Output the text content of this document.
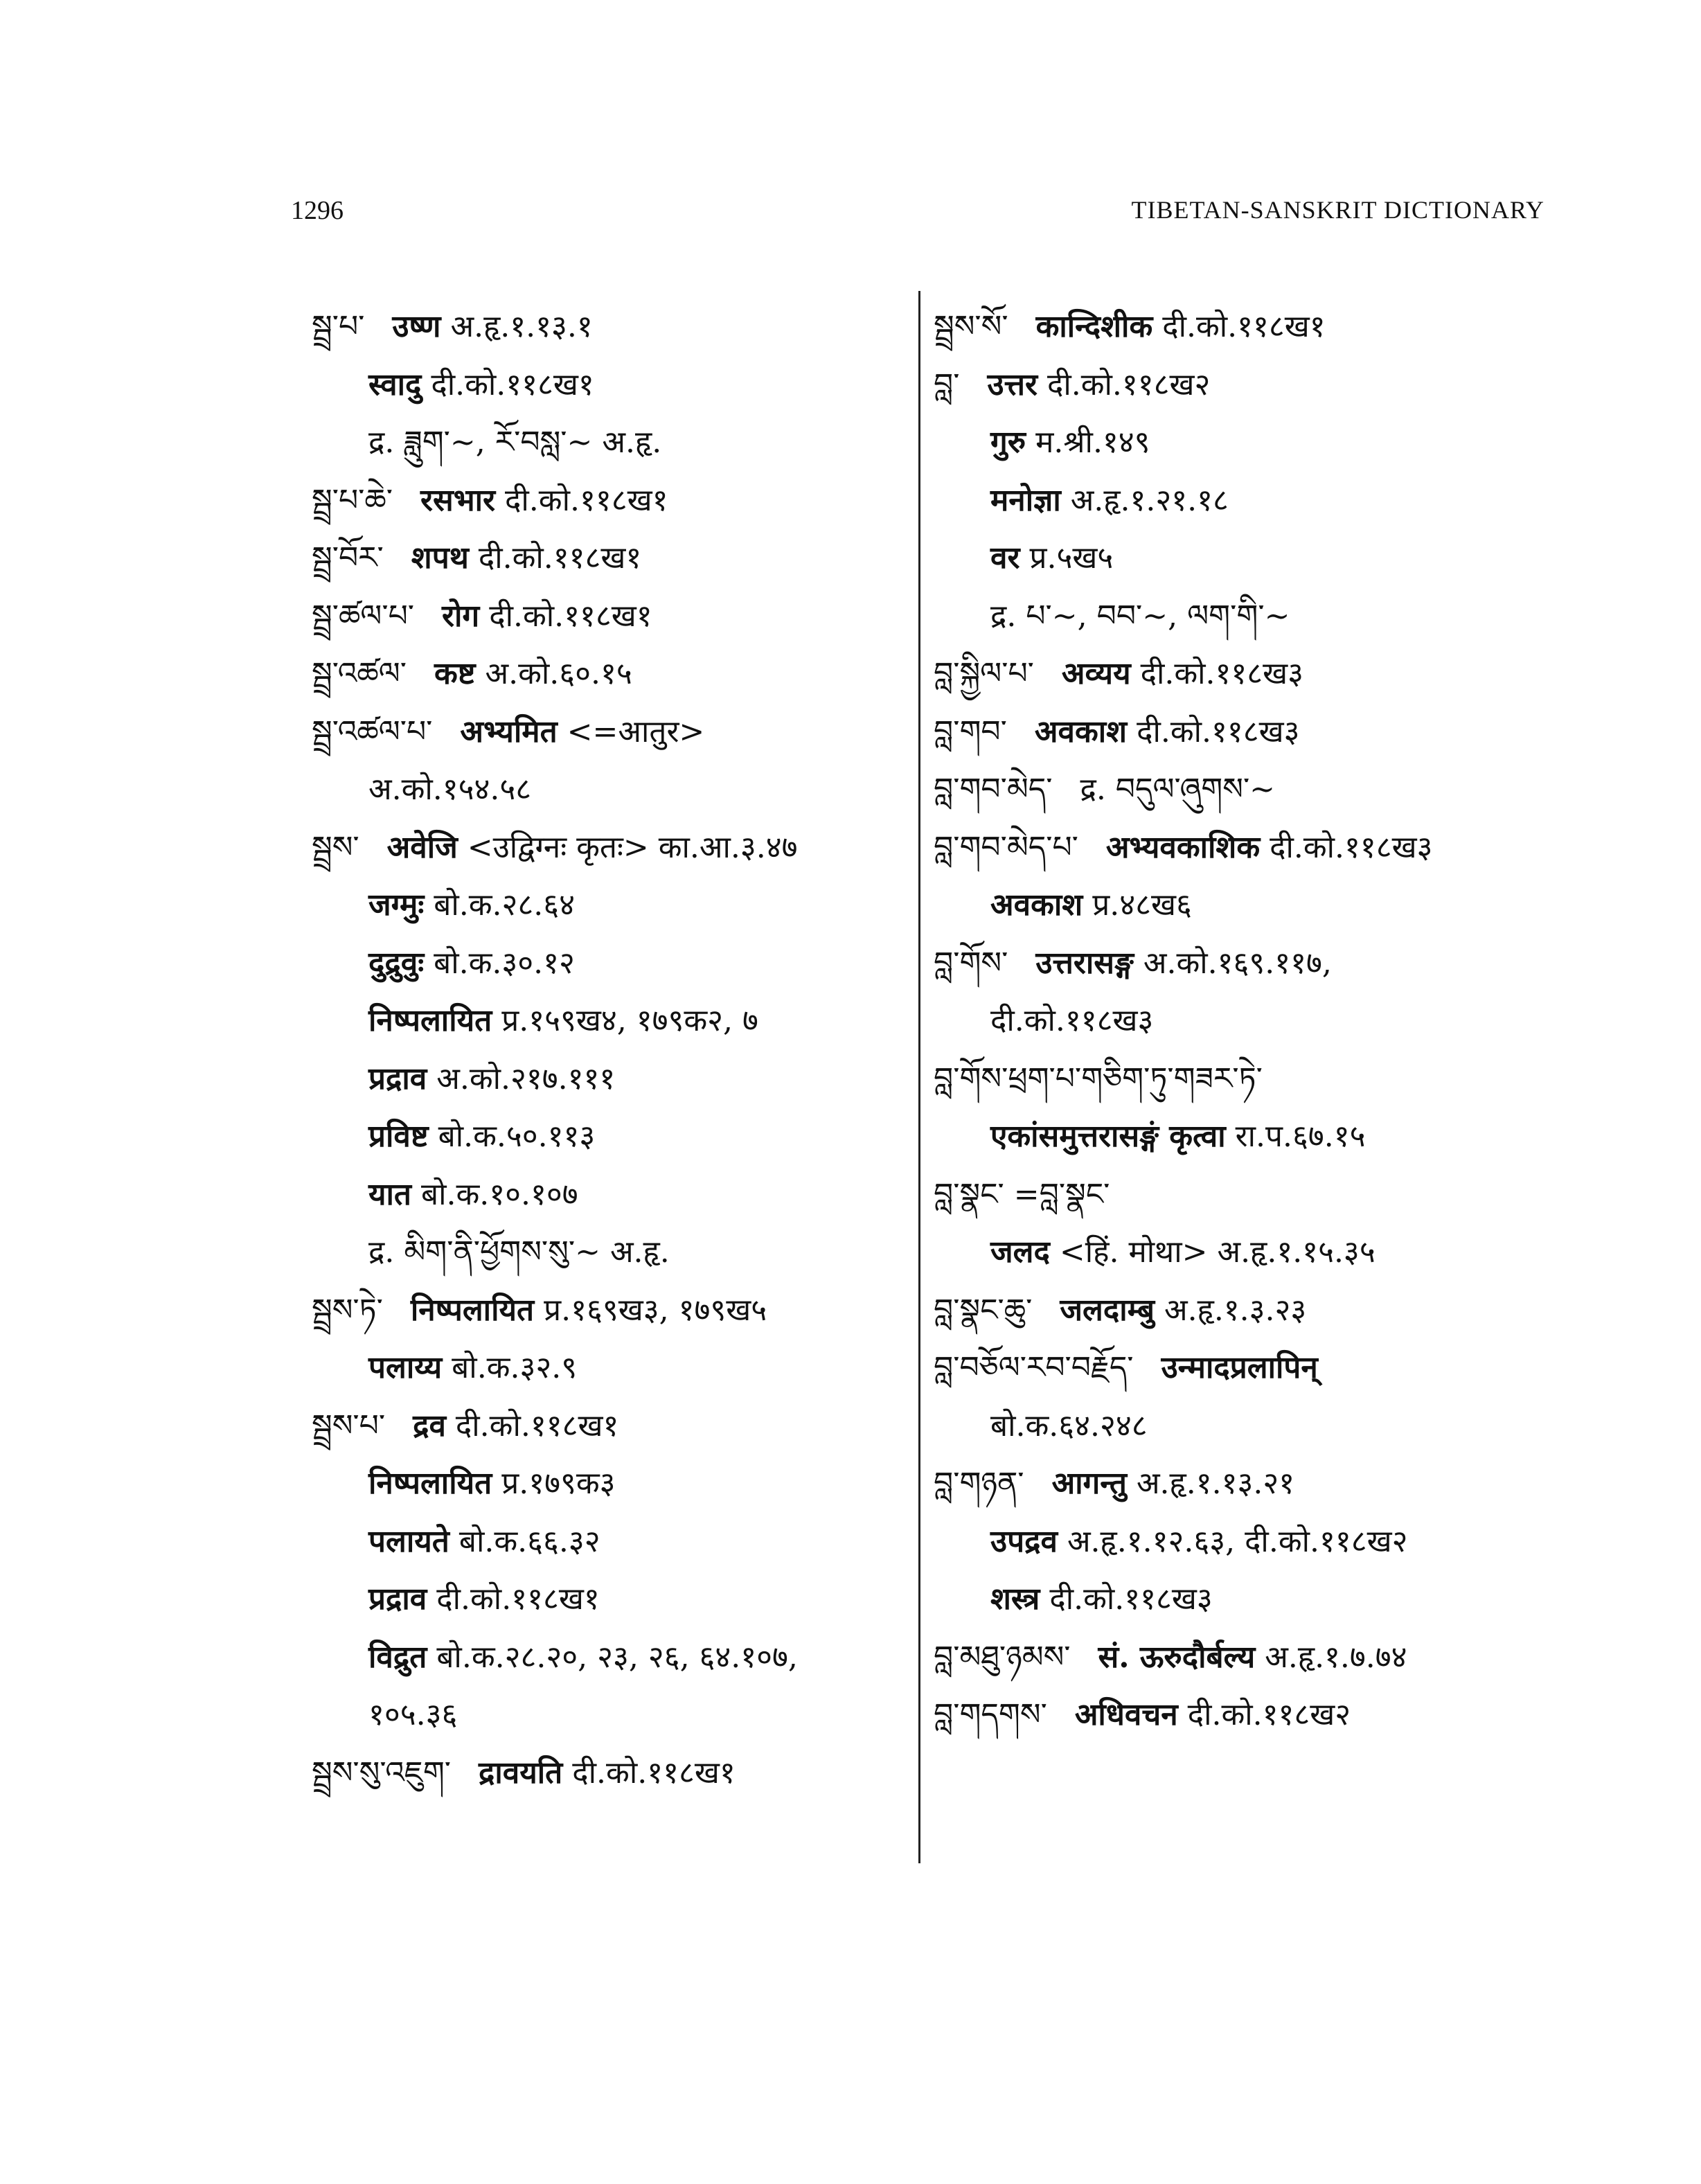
1296	TIBETAN-SANSKRIT DICTIONARY
སྦྲ་པ་ उष्ण अ.हृ.१.१३.१
स्वादु दी.को.११८ख१
द्र. ཟླུག་~, རོ་བསླ་~ अ.हृ.
སྦྲ་པ་ཆེ་ रसभार दी.को.११८ख१
སྦྲ་བོར་ शपथ दी.को.११८ख१
སྦྲ་ཚལ་པ་ रोग दी.को.११८ख१
སྦྲ་འཚལ་ कष्ट अ.को.६०.१५
སྦྲ་འཚལ་པ་ अभ्यमित <=आतुर>
अ.को.१५४.५८
སྦྲས་ अवेजि <उद्विग्नः कृतः> का.आ.३.४७
जग्मुः बो.क.२८.६४
दुद्रुवुः बो.क.३०.१२
निष्पलायित प्र.१५९ख४, १७९क२, ७
प्रद्राव अ.को.२१७.१११
प्रविष्ट बो.क.५०.११३
यात बो.क.१०.१०७
द्र. མིག་ནི་ཕྱོགས་སུ་~ अ.हृ.
སྦྲས་ཏེ་ निष्पलायित प्र.१६९ख३, १७९ख५
पलाय्य बो.क.३२.९
སྦྲས་པ་ द्रव दी.को.११८ख१
निष्पलायित प्र.१७९क३
पलायते बो.क.६६.३२
प्रद्राव दी.को.११८ख१
विद्रुत बो.क.२८.२०, २३, २६, ६४.१०७,
१०५.३६
སྦྲས་སུ་འཇུག་ द्रावयति दी.को.११८ख१
སྦྲས་སོ་ कान्दिशीक दी.को.११८ख१
བླ་ उत्तर दी.को.११८ख२
गुरु म.श्री.१४९
मनोज्ञा अ.हृ.१.२१.१८
वर प्र.५ख५
द्र. པ་~, བབ་~, ལག་གི་~
བླ་སྐྱིལ་པ་ अव्यय दी.को.११८ख३
བླ་གབ་ अवकाश दी.को.११८ख३
བླ་གབ་མེད་ द्र. བདུལ་ཞུགས་~
བླ་གབ་མེད་པ་ अभ्यवकाशिक दी.को.११८ख३
अवकाश प्र.४८ख६
བླ་གོས་ उत्तरासङ्ग अ.को.१६९.११७,
दी.को.११८ख३
བླ་གོས་ཕྲག་པ་གཅིག་ཏུ་གཟར་ཏེ་
एकांसमुत्तरासङ्गं कृत्वा रा.प.६७.१५
བླ་སྣང་ =བླ་སྣང་
जलद <हिं. मोथा> अ.हृ.१.१५.३५
བླ་སྣང་ཆུ་ जलदाम्बु अ.हृ.१.३.२३
བླ་བཅོལ་རབ་བརྗོད་ उन्मादप्रलापिन्
बो.क.६४.२४८
བླ་གཉན་ आगन्तु अ.हृ.१.१३.२१
उपद्रव अ.हृ.१.१२.६३, दी.को.११८ख२
शस्त्र दी.को.११८ख३
བླ་མཐུ་ཉམས་ सं. ऊरुदौर्बल्य अ.हृ.१.७.७४
བླ་གདགས་ अधिवचन दी.को.११८ख२
